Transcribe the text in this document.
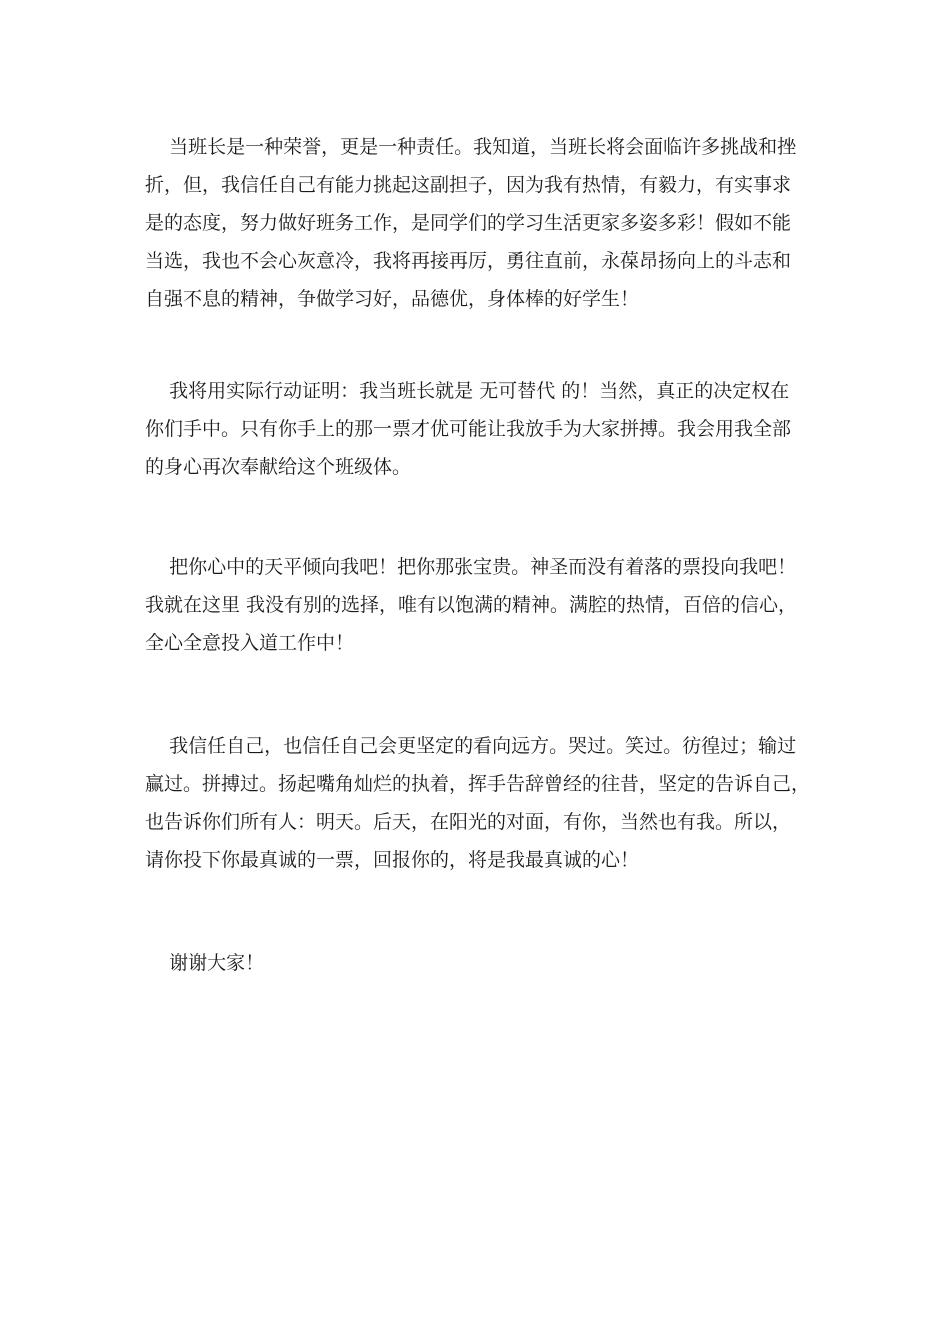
当班长是一种荣誉，更是一种责任。我知道，当班长将会面临许多挑战和挫
折，但，我信任自己有能力挑起这副担子，因为我有热情，有毅力，有实事求
是的态度，努力做好班务工作，是同学们的学习生活更家多姿多彩！假如不能
当选，我也不会心灰意冷，我将再接再厉，勇往直前，永葆昂扬向上的斗志和
自强不息的精神，争做学习好，品德优，身体棒的好学生！
我将用实际行动证明：我当班长就是 无可替代 的！当然，真正的决定权在
你们手中。只有你手上的那一票才优可能让我放手为大家拼搏。我会用我全部
的身心再次奉献给这个班级体。
把你心中的天平倾向我吧！把你那张宝贵。神圣而没有着落的票投向我吧！
我就在这里 我没有别的选择，唯有以饱满的精神。满腔的热情，百倍的信心，
全心全意投入道工作中！
我信任自己，也信任自己会更坚定的看向远方。哭过。笑过。彷徨过；输过
赢过。拼搏过。扬起嘴角灿烂的执着，挥手告辞曾经的往昔，坚定的告诉自己，
也告诉你们所有人：明天。后天，在阳光的对面，有你，当然也有我。所以，
请你投下你最真诚的一票，回报你的，将是我最真诚的心！
谢谢大家！
